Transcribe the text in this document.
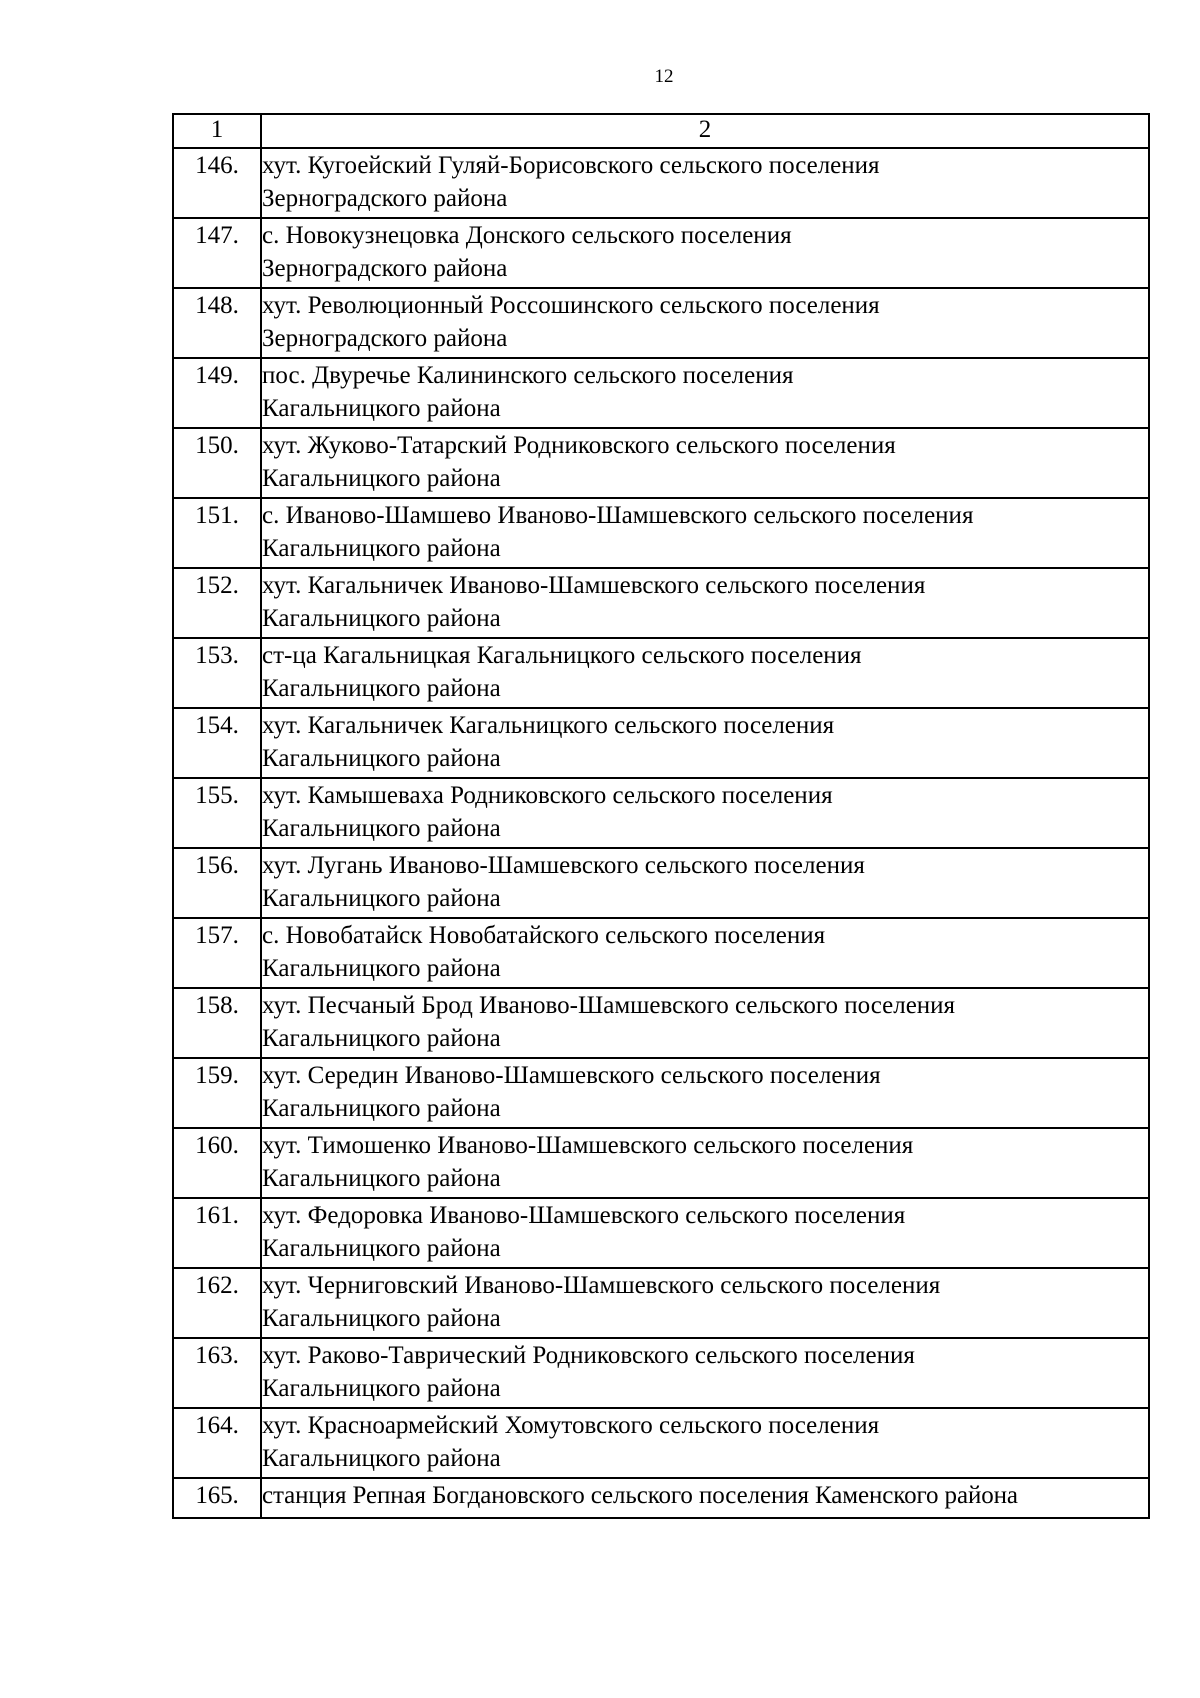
12
1	2
146.	хут. Кугоейский Гуляй-Борисовского сельского поселения
Зерноградского района

147.	с. Новокузнецовка Донского сельского поселения
Зерноградского района

148.	хут. Революционный Россошинского сельского поселения
Зерноградского района

149.	пос. Двуречье Калининского сельского поселения
Кагальницкого района

150.	хут. Жуково-Татарский Родниковского сельского поселения
Кагальницкого района

151.	с. Иваново-Шамшево Иваново-Шамшевского сельского поселения
Кагальницкого района

152.	хут. Кагальничек Иваново-Шамшевского сельского поселения
Кагальницкого района

153.	ст-ца Кагальницкая Кагальницкого сельского поселения
Кагальницкого района

154.	хут. Кагальничек Кагальницкого сельского поселения
Кагальницкого района

155.	хут. Камышеваха Родниковского сельского поселения
Кагальницкого района

156.	хут. Лугань Иваново-Шамшевского сельского поселения
Кагальницкого района

157.	с. Новобатайск Новобатайского сельского поселения
Кагальницкого района

158.	хут. Песчаный Брод Иваново-Шамшевского сельского поселения
Кагальницкого района

159.	хут. Середин Иваново-Шамшевского сельского поселения
Кагальницкого района

160.	хут. Тимошенко Иваново-Шамшевского сельского поселения
Кагальницкого района

161.	хут. Федоровка Иваново-Шамшевского сельского поселения
Кагальницкого района

162.	хут. Черниговский Иваново-Шамшевского сельского поселения
Кагальницкого района

163.	хут. Раково-Таврический Родниковского сельского поселения
Кагальницкого района

164.	хут. Красноармейский Хомутовского сельского поселения
Кагальницкого района

165.	станция Репная Богдановского сельского поселения Каменского района
